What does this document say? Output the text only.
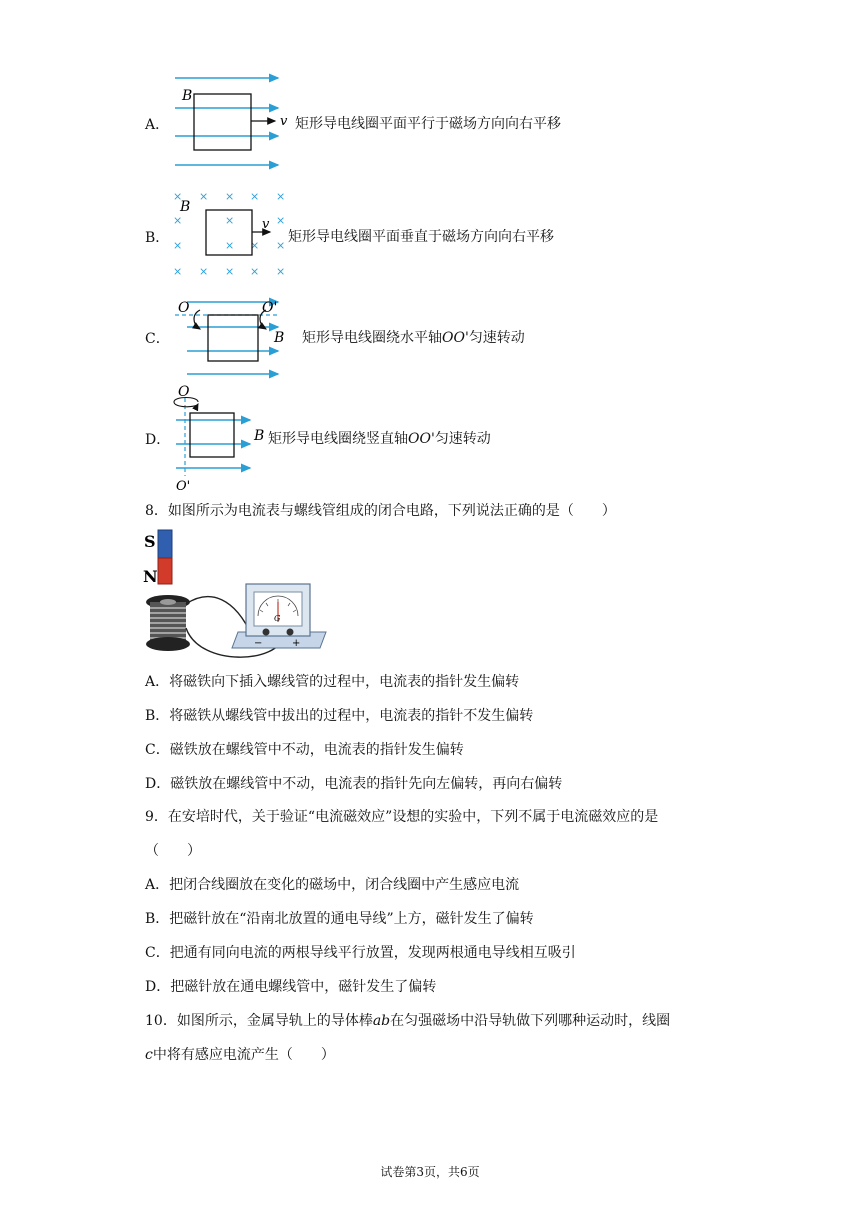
A．
B
v 矩形导电线圈平面平行于磁场方向向右平移
B．
× × × × ×
×	×	×
×	× × ×
× × × × ×
B
v
矩形导电线圈平面垂直于磁场方向向右平移
C．
O	O'
B 矩形导电线圈绕水平轴OO'匀速转动
D．
O
O'
B 矩形导电线圈绕竖直轴OO'匀速转动
8．如图所示为电流表与螺线管组成的闭合电路，下列说法正确的是（　　）
S
N
G
−	+
A．将磁铁向下插入螺线管的过程中，电流表的指针发生偏转
B．将磁铁从螺线管中拔出的过程中，电流表的指针不发生偏转
C．磁铁放在螺线管中不动，电流表的指针发生偏转
D．磁铁放在螺线管中不动，电流表的指针先向左偏转，再向右偏转
9．在安培时代，关于验证“电流磁效应”设想的实验中，下列不属于电流磁效应的是
（　　）
A．把闭合线圈放在变化的磁场中，闭合线圈中产生感应电流
B．把磁针放在“沿南北放置的通电导线”上方，磁针发生了偏转
C．把通有同向电流的两根导线平行放置，发现两根通电导线相互吸引
D．把磁针放在通电螺线管中，磁针发生了偏转
10．如图所示，金属导轨上的导体棒ab在匀强磁场中沿导轨做下列哪种运动时，线圈
c中将有感应电流产生（　　）
试卷第3页，共6页
